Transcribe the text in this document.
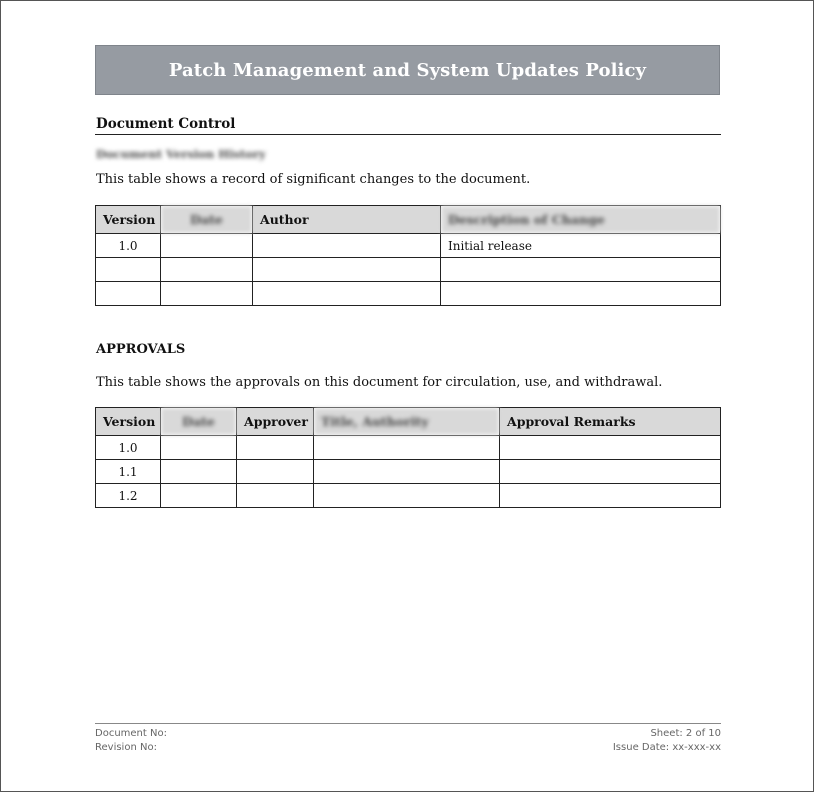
Patch Management and System Updates Policy
Document Control
Document Version History
This table shows a record of significant changes to the document.
Version	Date	Author	Description of Change
1.0			Initial release

APPROVALS
This table shows the approvals on this document for circulation, use, and withdrawal.
Version	Date	Approver	Title, Authority	Approval Remarks
1.0				
1.1				
1.2				
Document No:	Sheet: 2 of 10
Revision No:	Issue Date: xx-xxx-xx
